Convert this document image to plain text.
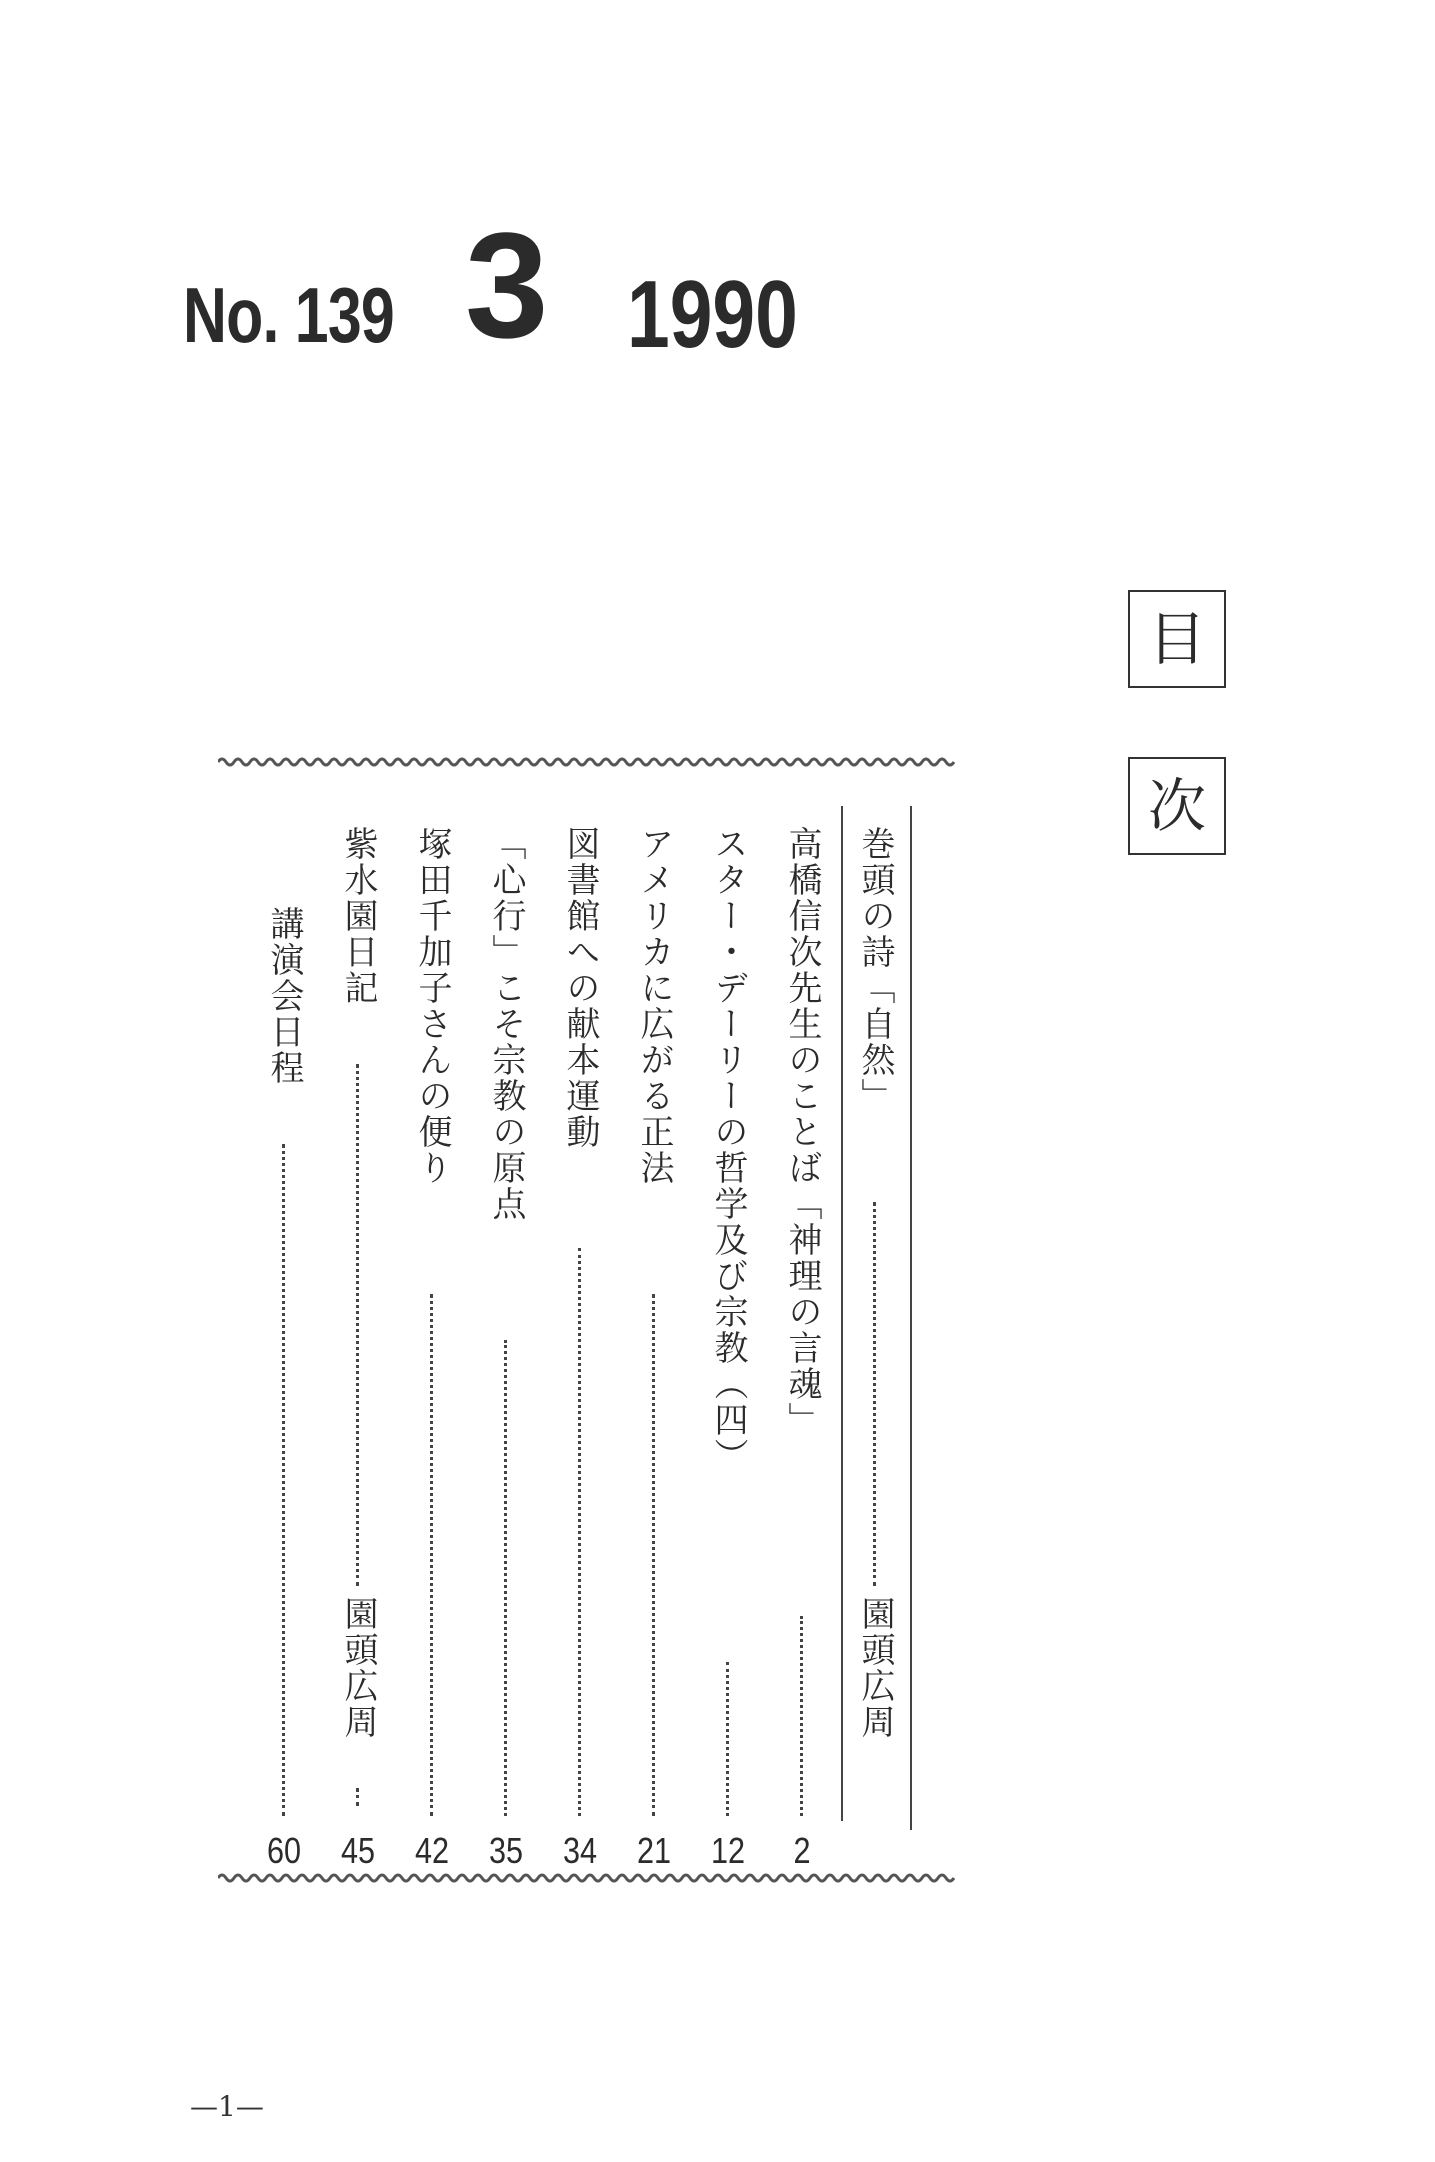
No. 139 3 1990
目
次
巻頭の詩「自然」
園頭広周
高橋信次先生のことば「神理の言魂」
2
スター・デーリーの哲学及び宗教（四）
12
アメリカに広がる正法
21
図書館への献本運動
34
「心行」こそ宗教の原点
35
塚田千加子さんの便り
42
紫水園日記
園頭広周
45
講演会日程
60
—1—
